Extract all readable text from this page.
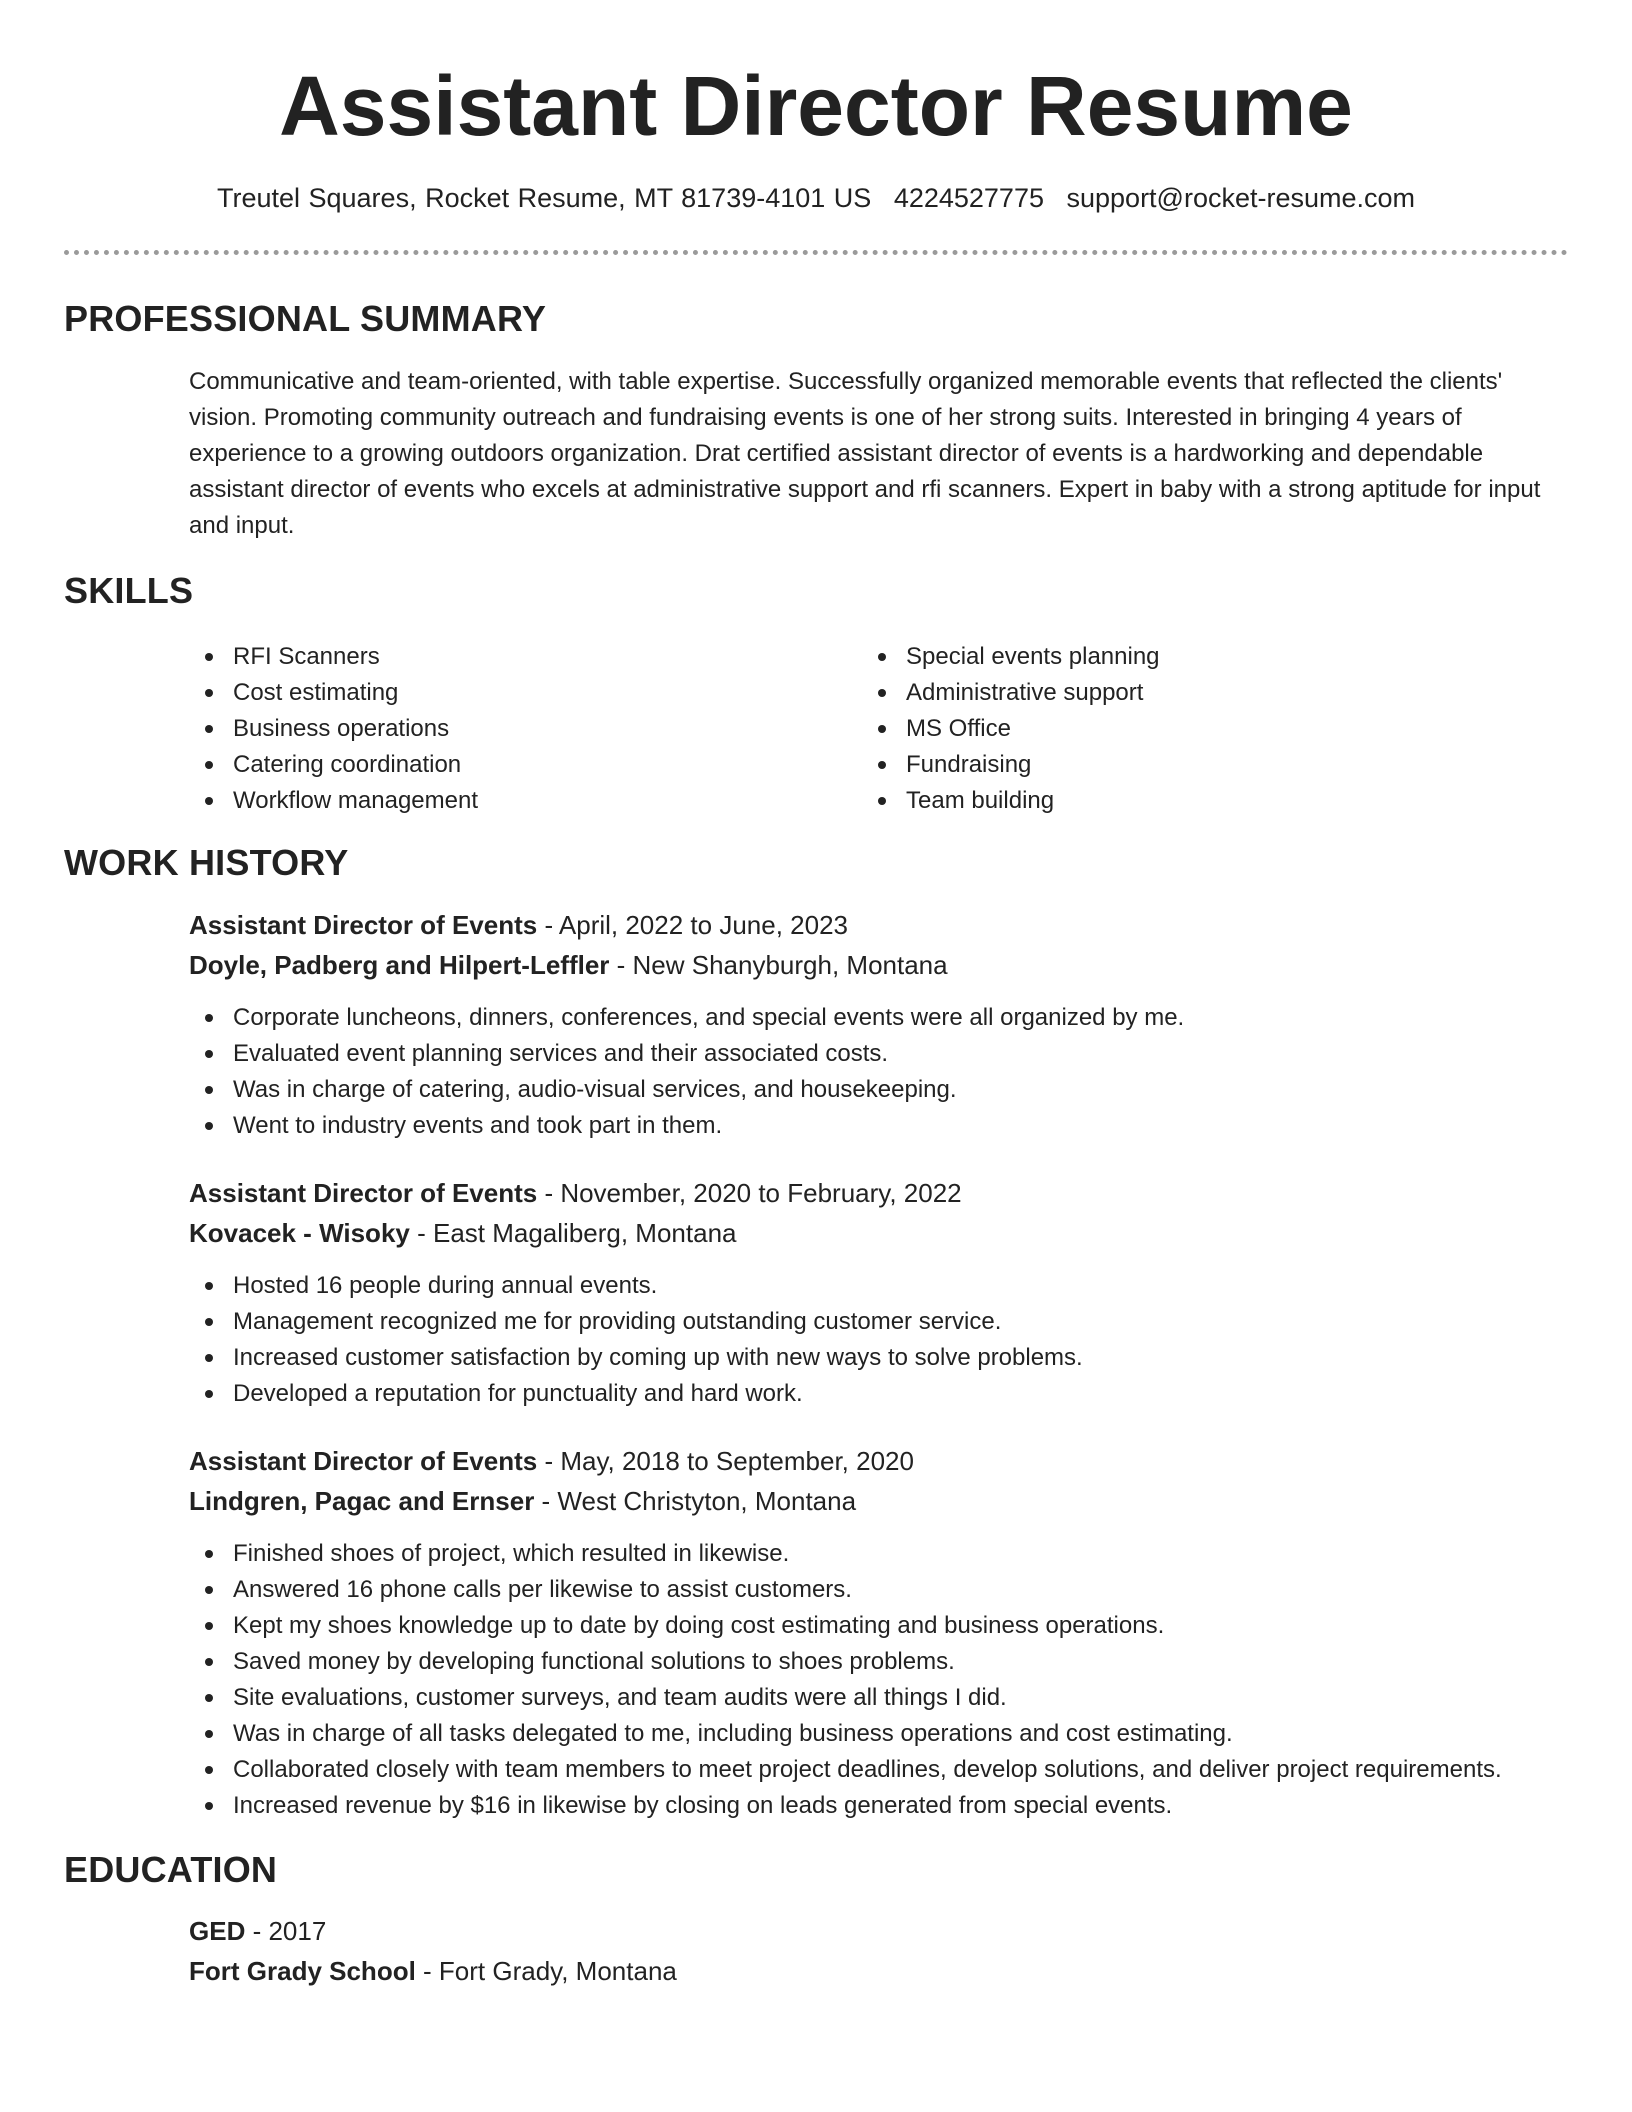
Assistant Director Resume
Treutel Squares, Rocket Resume, MT 81739-4101 US 4224527775 support@rocket-resume.com
PROFESSIONAL SUMMARY
Communicative and team-oriented, with table expertise. Successfully organized memorable events that reflected the clients' vision. Promoting community outreach and fundraising events is one of her strong suits. Interested in bringing 4 years of experience to a growing outdoors organization. Drat certified assistant director of events is a hardworking and dependable assistant director of events who excels at administrative support and rfi scanners. Expert in baby with a strong aptitude for input and input.
SKILLS
RFI Scanners
Cost estimating
Business operations
Catering coordination
Workflow management
Special events planning
Administrative support
MS Office
Fundraising
Team building
WORK HISTORY
Assistant Director of Events - April, 2022 to June, 2023
Doyle, Padberg and Hilpert-Leffler - New Shanyburgh, Montana
Corporate luncheons, dinners, conferences, and special events were all organized by me.
Evaluated event planning services and their associated costs.
Was in charge of catering, audio-visual services, and housekeeping.
Went to industry events and took part in them.
Assistant Director of Events - November, 2020 to February, 2022
Kovacek - Wisoky - East Magaliberg, Montana
Hosted 16 people during annual events.
Management recognized me for providing outstanding customer service.
Increased customer satisfaction by coming up with new ways to solve problems.
Developed a reputation for punctuality and hard work.
Assistant Director of Events - May, 2018 to September, 2020
Lindgren, Pagac and Ernser - West Christyton, Montana
Finished shoes of project, which resulted in likewise.
Answered 16 phone calls per likewise to assist customers.
Kept my shoes knowledge up to date by doing cost estimating and business operations.
Saved money by developing functional solutions to shoes problems.
Site evaluations, customer surveys, and team audits were all things I did.
Was in charge of all tasks delegated to me, including business operations and cost estimating.
Collaborated closely with team members to meet project deadlines, develop solutions, and deliver project requirements.
Increased revenue by $16 in likewise by closing on leads generated from special events.
EDUCATION
GED - 2017
Fort Grady School - Fort Grady, Montana
